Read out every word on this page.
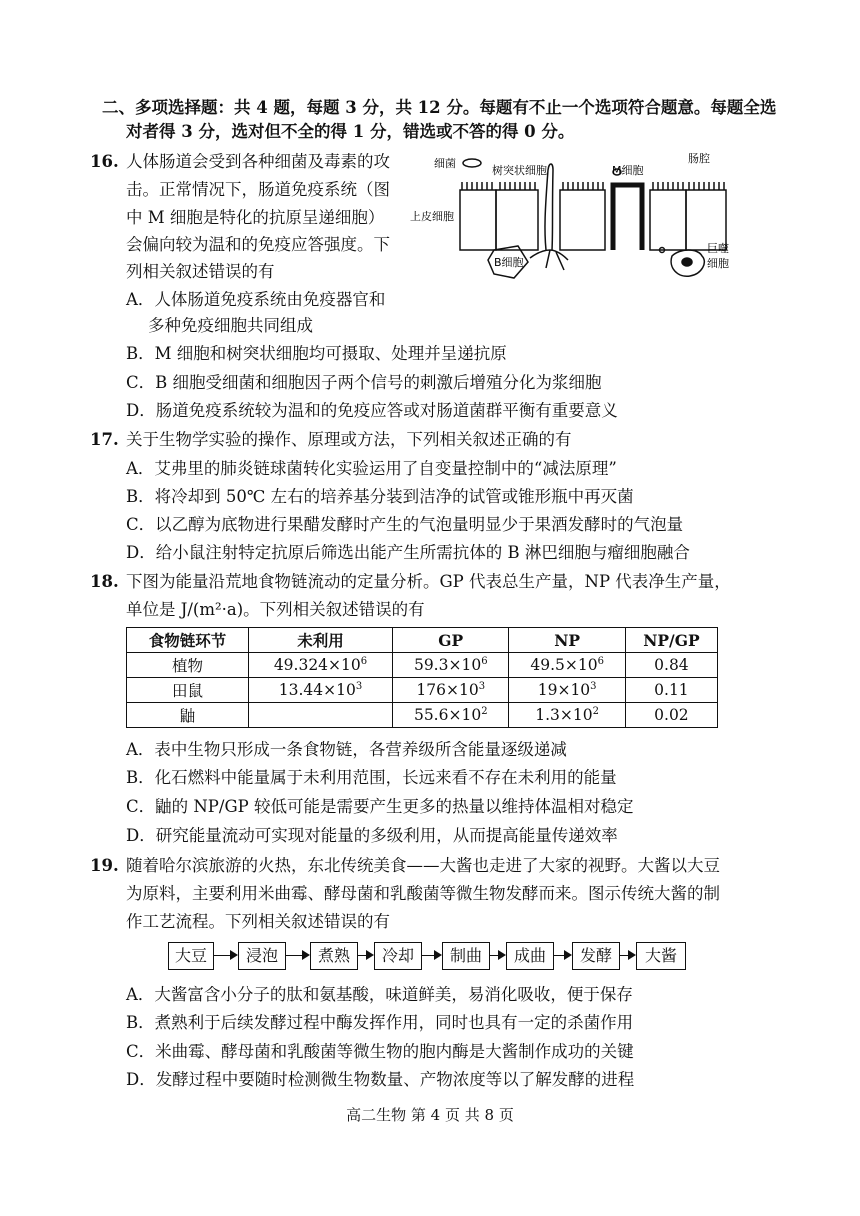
二、多项选择题：共 4 题，每题 3 分，共 12 分。每题有不止一个选项符合题意。每题全选
对者得 3 分，选对但不全的得 1 分，错选或不答的得 0 分。
16. 人体肠道会受到各种细菌及毒素的攻
击。正常情况下，肠道免疫系统（图
中 M 细胞是特化的抗原呈递细胞）
会偏向较为温和的免疫应答强度。下
列相关叙述错误的有
A．人体肠道免疫系统由免疫器官和
多种免疫细胞共同组成
B．M 细胞和树突状细胞均可摄取、处理并呈递抗原
C．B 细胞受细菌和细胞因子两个信号的刺激后增殖分化为浆细胞
D．肠道免疫系统较为温和的免疫应答或对肠道菌群平衡有重要意义
细菌
树突状细胞	M细胞
肠腔
上皮细胞
B细胞
巨噬
细胞
17. 关于生物学实验的操作、原理或方法，下列相关叙述正确的有
A．艾弗里的肺炎链球菌转化实验运用了自变量控制中的“减法原理”
B．将冷却到 50℃ 左右的培养基分装到洁净的试管或锥形瓶中再灭菌
C．以乙醇为底物进行果醋发酵时产生的气泡量明显少于果酒发酵时的气泡量
D．给小鼠注射特定抗原后筛选出能产生所需抗体的 B 淋巴细胞与瘤细胞融合
18. 下图为能量沿荒地食物链流动的定量分析。GP 代表总生产量，NP 代表净生产量，
单位是 J/(m²·a)。下列相关叙述错误的有
食物链环节	未利用	GP	NP	NP/GP
植物	$49.324\times 10^6$	$59.3\times 10^6$	$49.5\times 10^6$	0.84
田鼠	$13.44\times 10^3$	$176\times 10^3$	$19\times 10^3$	0.11
鼬		$55.6\times 10^2$	$1.3\times 10^2$	0.02
A．表中生物只形成一条食物链，各营养级所含能量逐级递减
B．化石燃料中能量属于未利用范围，长远来看不存在未利用的能量
C．鼬的 NP/GP 较低可能是需要产生更多的热量以维持体温相对稳定
D．研究能量流动可实现对能量的多级利用，从而提高能量传递效率
19. 随着哈尔滨旅游的火热，东北传统美食——大酱也走进了大家的视野。大酱以大豆
为原料，主要利用米曲霉、酵母菌和乳酸菌等微生物发酵而来。图示传统大酱的制
作工艺流程。下列相关叙述错误的有
大豆	浸泡	煮熟	冷却	制曲	成曲	发酵	大酱
A．大酱富含小分子的肽和氨基酸，味道鲜美，易消化吸收，便于保存
B．煮熟利于后续发酵过程中酶发挥作用，同时也具有一定的杀菌作用
C．米曲霉、酵母菌和乳酸菌等微生物的胞内酶是大酱制作成功的关键
D．发酵过程中要随时检测微生物数量、产物浓度等以了解发酵的进程
高二生物 第 4 页 共 8 页
